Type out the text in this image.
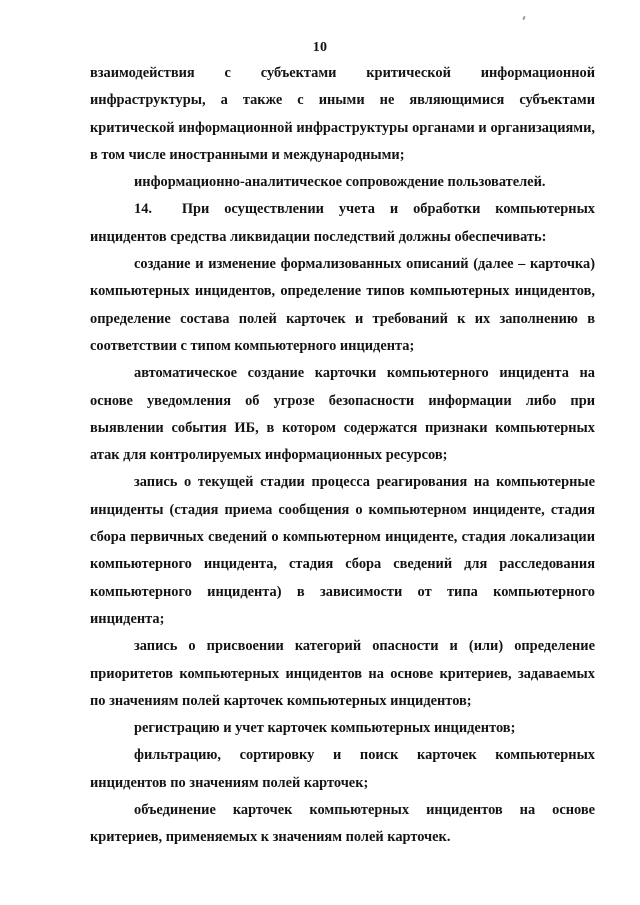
10

взаимодействия с субъектами критической информационной инфраструктуры, а также с иными не являющимися субъектами критической информационной инфраструктуры органами и организациями, в том числе иностранными и международными;

информационно-аналитическое сопровождение пользователей.

14.  При осуществлении учета и обработки компьютерных инцидентов средства ликвидации последствий должны обеспечивать:

создание и изменение формализованных описаний (далее – карточка) компьютерных инцидентов, определение типов компьютерных инцидентов, определение состава полей карточек и требований к их заполнению в соответствии с типом компьютерного инцидента;

автоматическое создание карточки компьютерного инцидента на основе уведомления об угрозе безопасности информации либо при выявлении события ИБ, в котором содержатся признаки компьютерных атак для контролируемых информационных ресурсов;

запись о текущей стадии процесса реагирования на компьютерные инциденты (стадия приема сообщения о компьютерном инциденте, стадия сбора первичных сведений о компьютерном инциденте, стадия локализации компьютерного инцидента, стадия сбора сведений для расследования компьютерного инцидента) в зависимости от типа компьютерного инцидента;

запись о присвоении категорий опасности и (или) определение приоритетов компьютерных инцидентов на основе критериев, задаваемых по значениям полей карточек компьютерных инцидентов;

регистрацию и учет карточек компьютерных инцидентов;

фильтрацию, сортировку и поиск карточек компьютерных инцидентов по значениям полей карточек;

объединение карточек компьютерных инцидентов на основе критериев, применяемых к значениям полей карточек.
